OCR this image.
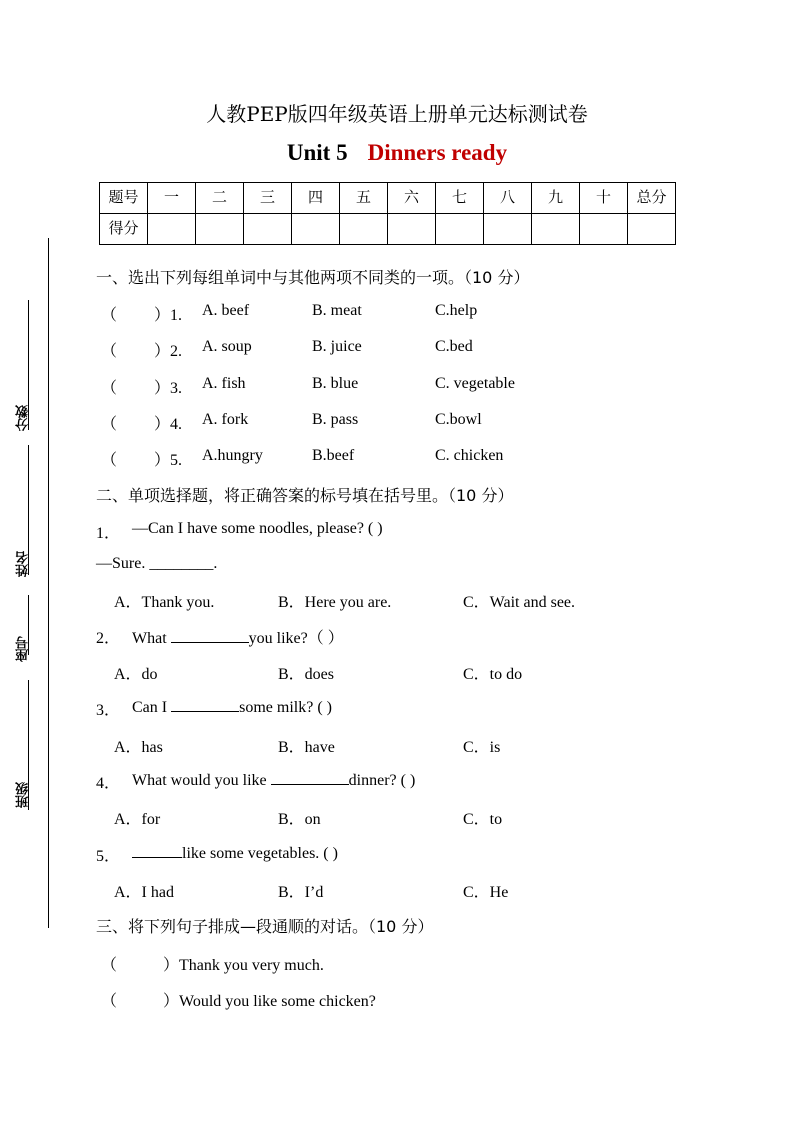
人教PEP版四年级英语上册单元达标测试卷
Unit 5 Dinners ready
题号	一	二	三	四	五	六	七	八	九	十	总分
得分											
分数
姓名
座号
班级
一、选出下列每组单词中与其他两项不同类的一项。（10 分）
（ ）1. A. beef	B. meat	C.help
（ ）2. A. soup	B. juice	C.bed
（ ）3. A. fish	B. blue	C. vegetable
（ ）4. A. fork	B. pass	C.bowl
（ ）5. A.hungry	B.beef	C. chicken
二、单项选择题，将正确答案的标号填在括号里。（10 分）
1． —Can I have some noodles, please? ( )
—Sure. ________.
A．Thank you.	B．Here you are.	C．Wait and see.
2． What	you like?（ ）
A．do	B．does	C．to do
3． Can I	some milk? ( )
A．has	B．have	C．is
4． What would you like	dinner? ( )
A．for	B．on	C．to
5．	like some vegetables. ( )
A．I had	B．I’d	C．He
三、将下列句子排成—段通顺的对话。（10 分）
（	）Thank you very much.
（	）Would you like some chicken?
